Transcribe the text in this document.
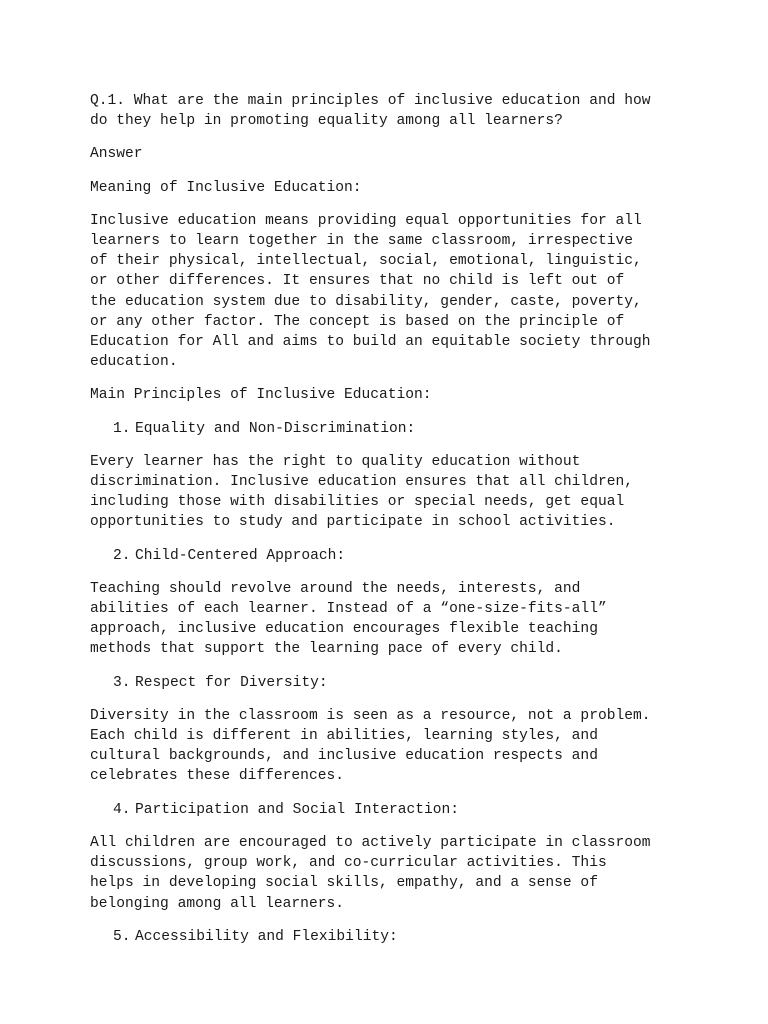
Q.1. What are the main principles of inclusive education and how
do they help in promoting equality among all learners?
Answer
Meaning of Inclusive Education:
Inclusive education means providing equal opportunities for all
learners to learn together in the same classroom, irrespective
of their physical, intellectual, social, emotional, linguistic,
or other differences. It ensures that no child is left out of
the education system due to disability, gender, caste, poverty,
or any other factor. The concept is based on the principle of
Education for All and aims to build an equitable society through
education.
Main Principles of Inclusive Education:
1. Equality and Non-Discrimination:
Every learner has the right to quality education without
discrimination. Inclusive education ensures that all children,
including those with disabilities or special needs, get equal
opportunities to study and participate in school activities.
2. Child-Centered Approach:
Teaching should revolve around the needs, interests, and
abilities of each learner. Instead of a “one-size-fits-all”
approach, inclusive education encourages flexible teaching
methods that support the learning pace of every child.
3. Respect for Diversity:
Diversity in the classroom is seen as a resource, not a problem.
Each child is different in abilities, learning styles, and
cultural backgrounds, and inclusive education respects and
celebrates these differences.
4. Participation and Social Interaction:
All children are encouraged to actively participate in classroom
discussions, group work, and co-curricular activities. This
helps in developing social skills, empathy, and a sense of
belonging among all learners.
5. Accessibility and Flexibility:
